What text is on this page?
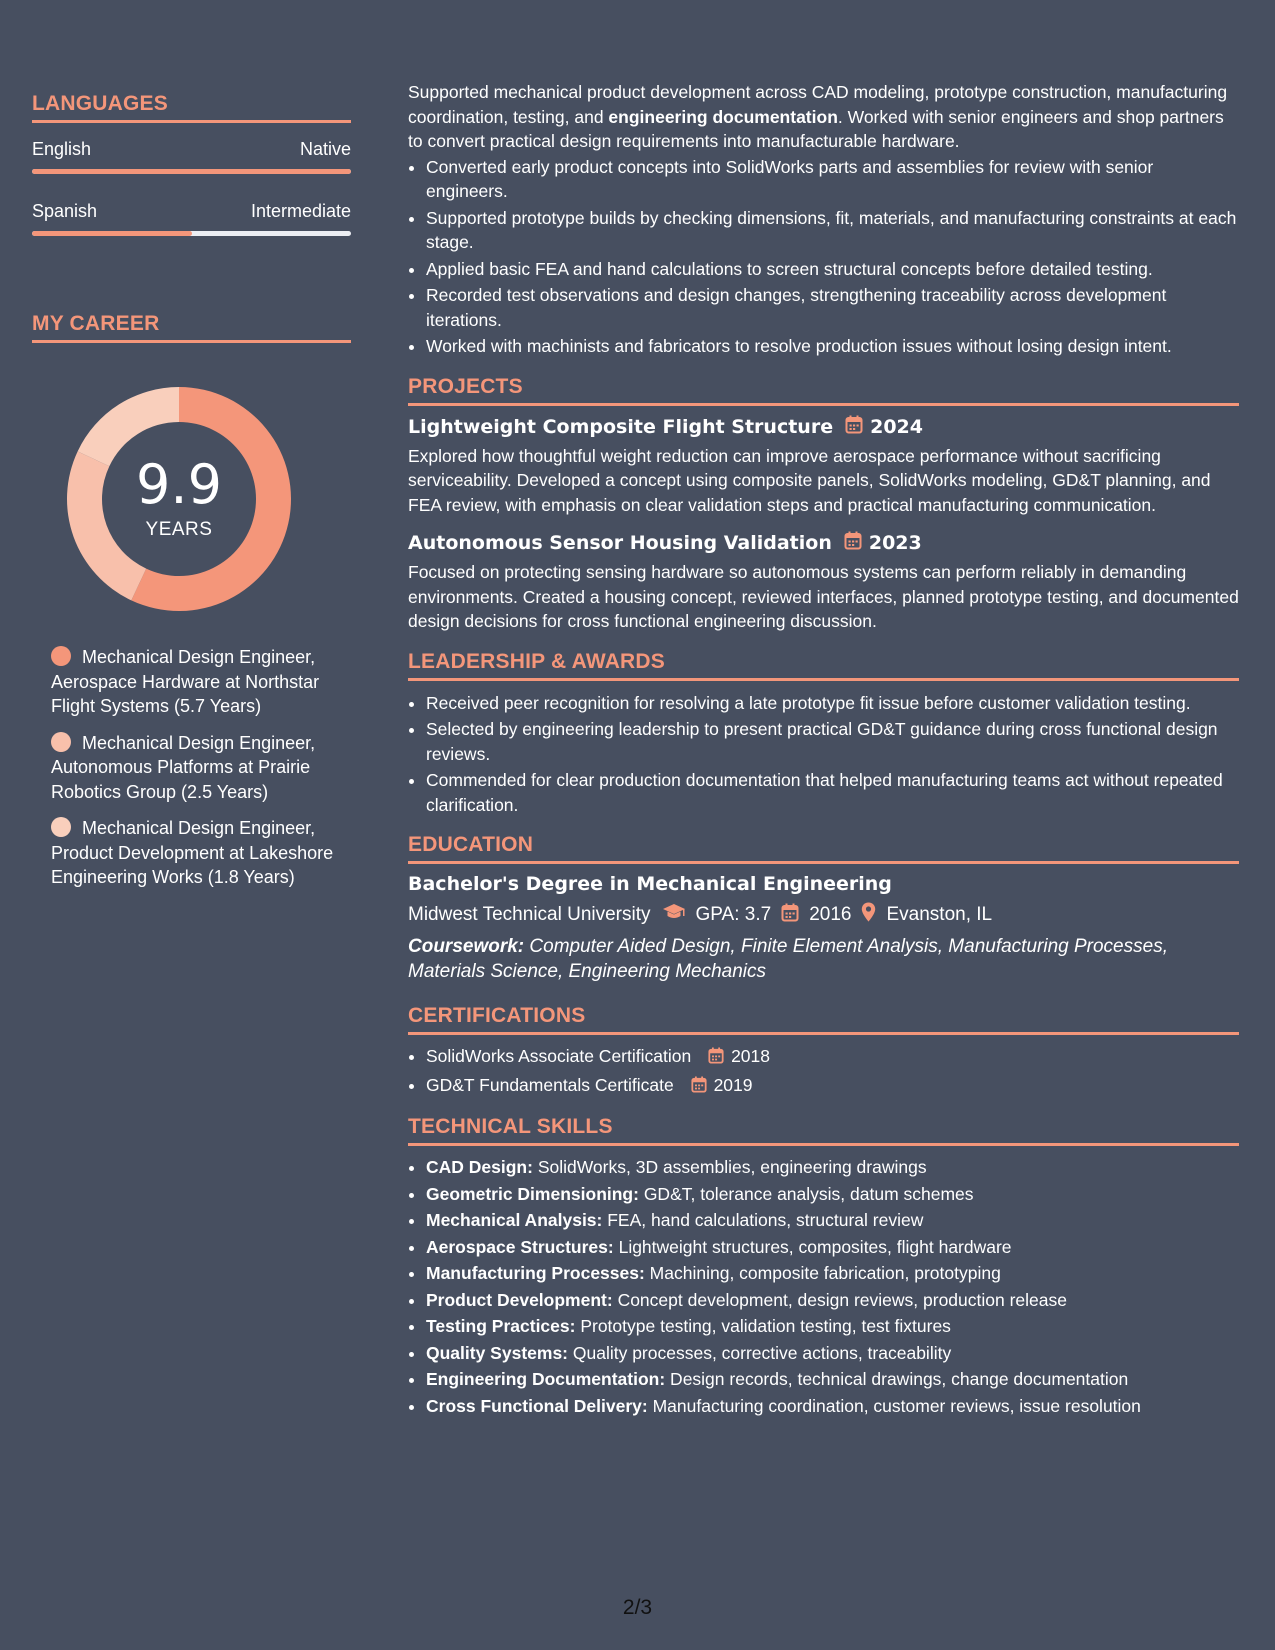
LANGUAGES
English	Native
Spanish	Intermediate
MY CAREER
9.9
YEARS
Mechanical Design Engineer, Aerospace Hardware at Northstar Flight Systems (5.7 Years)
Mechanical Design Engineer, Autonomous Platforms at Prairie Robotics Group (2.5 Years)
Mechanical Design Engineer, Product Development at Lakeshore Engineering Works (1.8 Years)

Supported mechanical product development across CAD modeling, prototype construction, manufacturing coordination, testing, and engineering documentation. Worked with senior engineers and shop partners to convert practical design requirements into manufacturable hardware.

• Converted early product concepts into SolidWorks parts and assemblies for review with senior engineers.
• Supported prototype builds by checking dimensions, fit, materials, and manufacturing constraints at each stage.
• Applied basic FEA and hand calculations to screen structural concepts before detailed testing.
• Recorded test observations and design changes, strengthening traceability across development iterations.
• Worked with machinists and fabricators to resolve production issues without losing design intent.
PROJECTS
Lightweight Composite Flight Structure 2024

Explored how thoughtful weight reduction can improve aerospace performance without sacrificing serviceability. Developed a concept using composite panels, SolidWorks modeling, GD&T planning, and FEA review, with emphasis on clear validation steps and practical manufacturing communication.

Autonomous Sensor Housing Validation 2023

Focused on protecting sensing hardware so autonomous systems can perform reliably in demanding environments. Created a housing concept, reviewed interfaces, planned prototype testing, and documented design decisions for cross functional engineering discussion.

LEADERSHIP & AWARDS
• Received peer recognition for resolving a late prototype fit issue before customer validation testing.
• Selected by engineering leadership to present practical GD&T guidance during cross functional design reviews.
• Commended for clear production documentation that helped manufacturing teams act without repeated clarification.
EDUCATION
Bachelor's Degree in Mechanical Engineering
Midwest Technical University GPA: 3.7 2016 Evanston, IL
Coursework: Computer Aided Design, Finite Element Analysis, Manufacturing Processes, Materials Science, Engineering Mechanics
CERTIFICATIONS
• SolidWorks Associate Certification 2018
• GD&T Fundamentals Certificate 2019
TECHNICAL SKILLS
• CAD Design: SolidWorks, 3D assemblies, engineering drawings
• Geometric Dimensioning: GD&T, tolerance analysis, datum schemes
• Mechanical Analysis: FEA, hand calculations, structural review
• Aerospace Structures: Lightweight structures, composites, flight hardware
• Manufacturing Processes: Machining, composite fabrication, prototyping
• Product Development: Concept development, design reviews, production release
• Testing Practices: Prototype testing, validation testing, test fixtures
• Quality Systems: Quality processes, corrective actions, traceability
• Engineering Documentation: Design records, technical drawings, change documentation
• Cross Functional Delivery: Manufacturing coordination, customer reviews, issue resolution
2/3
